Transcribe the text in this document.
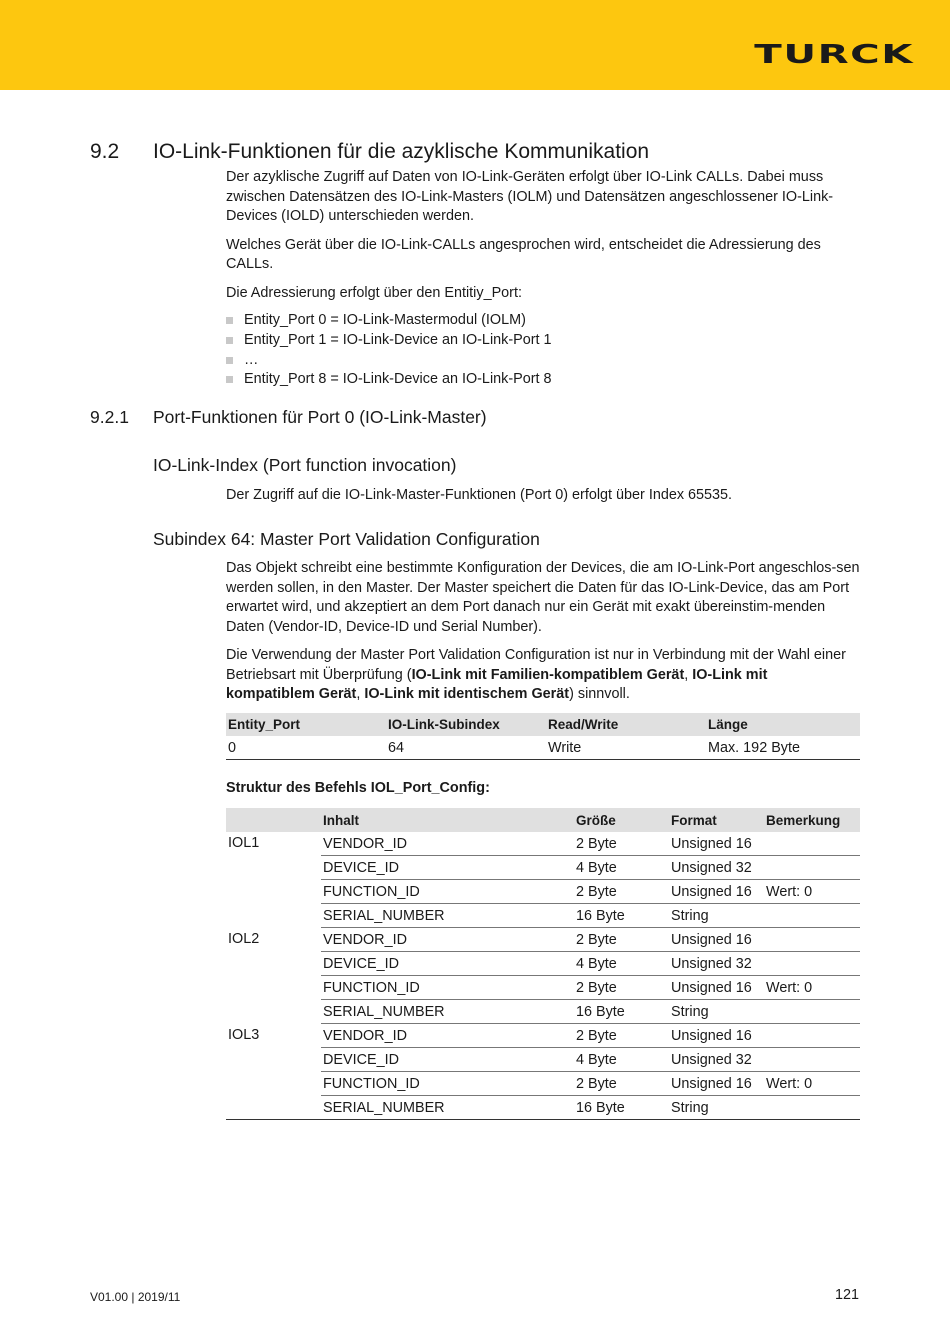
TURCK
9.2 IO-Link-Funktionen für die azyklische Kommunikation

Der azyklische Zugriff auf Daten von IO-Link-Geräten erfolgt über IO-Link CALLs. Dabei muss zwischen Datensätzen des IO-Link-Masters (IOLM) und Datensätzen angeschlossener IO-Link-Devices (IOLD) unterschieden werden.

Welches Gerät über die IO-Link-CALLs angesprochen wird, entscheidet die Adressierung des CALLs.

Die Adressierung erfolgt über den Entitiy_Port:

Entity_Port 0 = IO-Link-Mastermodul (IOLM)
Entity_Port 1 = IO-Link-Device an IO-Link-Port 1
…
Entity_Port 8 = IO-Link-Device an IO-Link-Port 8
9.2.1 Port-Funktionen für Port 0 (IO-Link-Master)
IO-Link-Index (Port function invocation)
Der Zugriff auf die IO-Link-Master-Funktionen (Port 0) erfolgt über Index 65535.
Subindex 64: Master Port Validation Configuration

Das Objekt schreibt eine bestimmte Konfiguration der Devices, die am IO-Link-Port angeschlos-sen werden sollen, in den Master. Der Master speichert die Daten für das IO-Link-Device, das am Port erwartet wird, und akzeptiert an dem Port danach nur ein Gerät mit exakt übereinstim-menden Daten (Vendor-ID, Device-ID und Serial Number).

Die Verwendung der Master Port Validation Configuration ist nur in Verbindung mit der Wahl einer Betriebsart mit Überprüfung (IO-Link mit Familien-kompatiblem Gerät, IO-Link mit kompatiblem Gerät, IO-Link mit identischem Gerät) sinnvoll.

Entity_Port	IO-Link-Subindex	Read/Write	Länge
0	64	Write	Max. 192 Byte
Struktur des Befehls IOL_Port_Config:
	Inhalt	Größe	Format	Bemerkung
IOL1	VENDOR_ID	2 Byte	Unsigned 16	
	DEVICE_ID	4 Byte	Unsigned 32	
	FUNCTION_ID	2 Byte	Unsigned 16	Wert: 0
	SERIAL_NUMBER	16 Byte	String	
IOL2	VENDOR_ID	2 Byte	Unsigned 16	
	DEVICE_ID	4 Byte	Unsigned 32	
	FUNCTION_ID	2 Byte	Unsigned 16	Wert: 0
	SERIAL_NUMBER	16 Byte	String	
IOL3	VENDOR_ID	2 Byte	Unsigned 16	
	DEVICE_ID	4 Byte	Unsigned 32	
	FUNCTION_ID	2 Byte	Unsigned 16	Wert: 0
	SERIAL_NUMBER	16 Byte	String	
V01.00 | 2019/11	121
